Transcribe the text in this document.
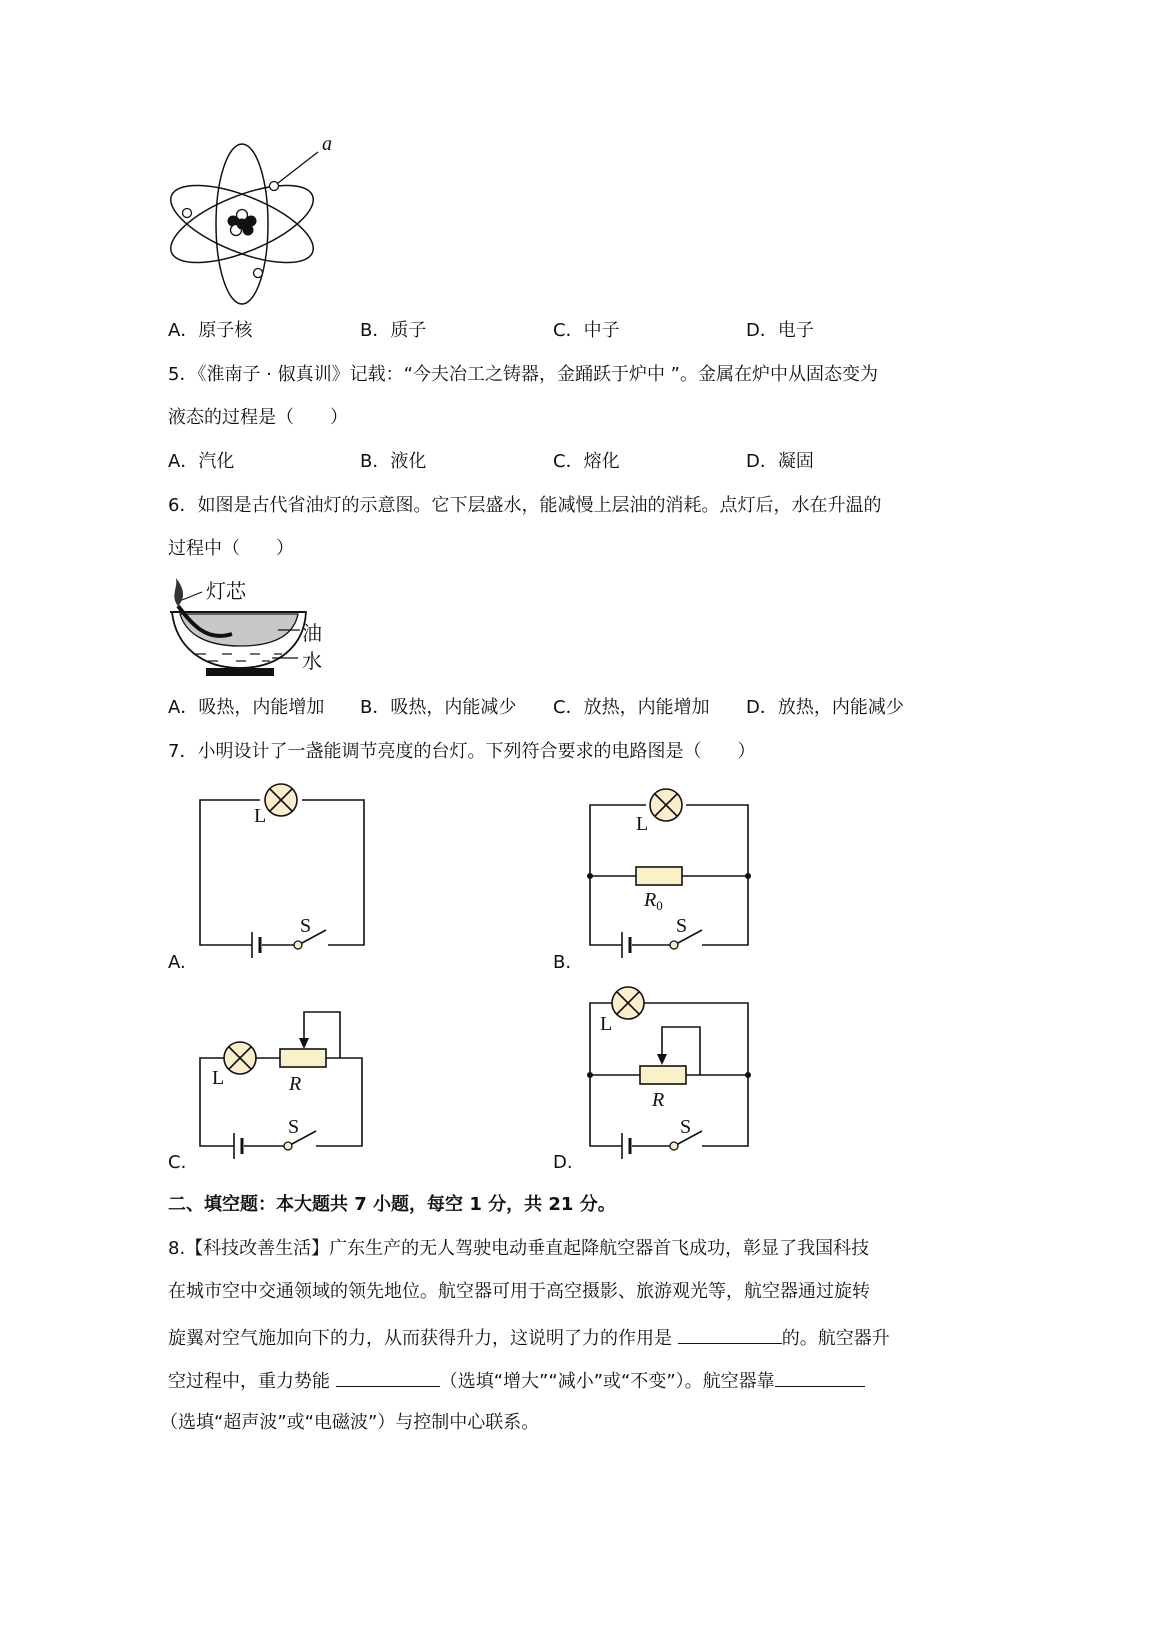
a
A．原子核	B．质子	C．中子	D．电子
5．《淮南子 · 俶真训》记载：“今夫冶工之铸器，金踊跃于炉中 ”。金属在炉中从固态变为
液态的过程是（　　）
A．汽化	B．液化	C．熔化	D．凝固
6．如图是古代省油灯的示意图。它下层盛水，能减慢上层油的消耗。点灯后，水在升温的
过程中（　　）
灯芯
油
水
A．吸热，内能增加 B．吸热，内能减少 C．放热，内能增加 D．放热，内能减少
7．小明设计了一盏能调节亮度的台灯。下列符合要求的电路图是（　　）
L
S
A.
L
$R_0$
S
B.
L	R
S
C.
L
R
S
D.
二、填空题：本大题共 7 小题，每空 1 分，共 21 分。
8.【科技改善生活】广东生产的无人驾驶电动垂直起降航空器首飞成功，彰显了我国科技
在城市空中交通领域的领先地位。航空器可用于高空摄影、旅游观光等，航空器通过旋转
旋翼对空气施加向下的力，从而获得升力，这说明了力的作用是	的。航空器升
空过程中，重力势能	（选填“增大”“减小”或“不变”）。航空器靠
（选填“超声波”或“电磁波”）与控制中心联系。
